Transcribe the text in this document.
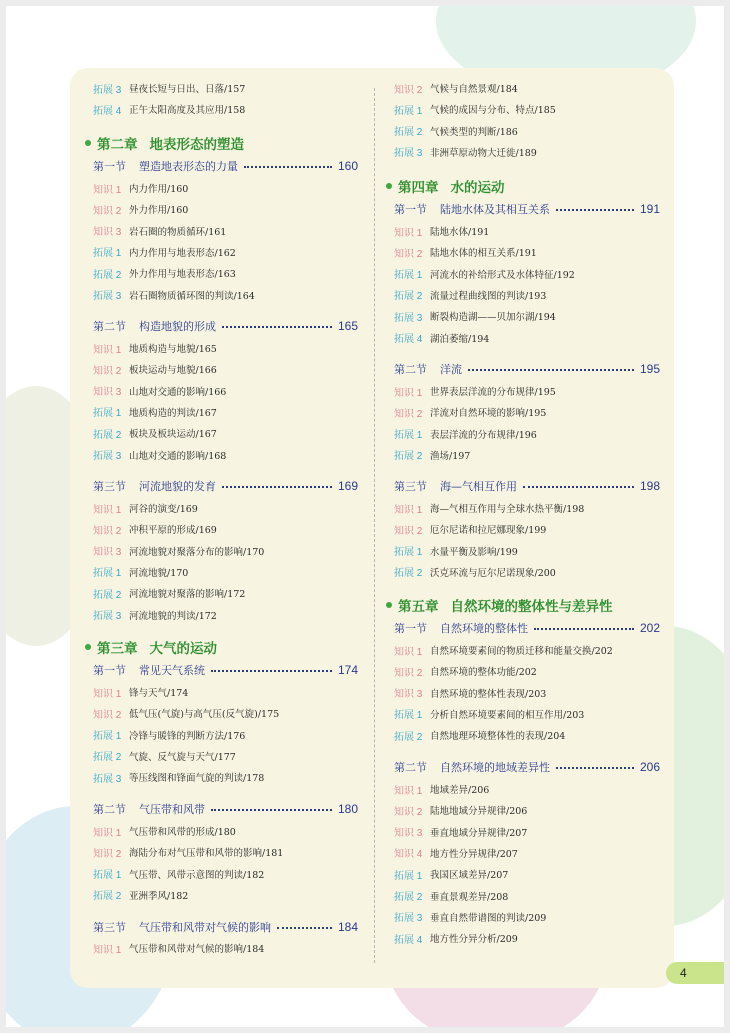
拓展 3 昼夜长短与日出、日落/157
拓展 4 正午太阳高度及其应用/158
第二章 地表形态的塑造
第一节	塑造地表形态的力量	160
知识 1 内力作用/160
知识 2 外力作用/160
知识 3 岩石圈的物质循环/161
拓展 1 内力作用与地表形态/162
拓展 2 外力作用与地表形态/163
拓展 3 岩石圈物质循环图的判读/164
第二节	构造地貌的形成	165
知识 1 地质构造与地貌/165
知识 2 板块运动与地貌/166
知识 3 山地对交通的影响/166
拓展 1 地质构造的判读/167
拓展 2 板块及板块运动/167
拓展 3 山地对交通的影响/168
第三节	河流地貌的发育	169
知识 1 河谷的演变/169
知识 2 冲积平原的形成/169
知识 3 河流地貌对聚落分布的影响/170
拓展 1 河流地貌/170
拓展 2 河流地貌对聚落的影响/172
拓展 3 河流地貌的判读/172
第三章 大气的运动
第一节	常见天气系统	174
知识 1 锋与天气/174
知识 2 低气压(气旋)与高气压(反气旋)/175
拓展 1 冷锋与暖锋的判断方法/176
拓展 2 气旋、反气旋与天气/177
拓展 3 等压线图和锋面气旋的判读/178
第二节	气压带和风带	180
知识 1 气压带和风带的形成/180
知识 2 海陆分布对气压带和风带的影响/181
拓展 1 气压带、风带示意图的判读/182
拓展 2 亚洲季风/182
第三节	气压带和风带对气候的影响	184
知识 1 气压带和风带对气候的影响/184
知识 2 气候与自然景观/184
拓展 1 气候的成因与分布、特点/185
拓展 2 气候类型的判断/186
拓展 3 非洲草原动物大迁徙/189
第四章 水的运动
第一节	陆地水体及其相互关系	191
知识 1 陆地水体/191
知识 2 陆地水体的相互关系/191
拓展 1 河流水的补给形式及水体特征/192
拓展 2 流量过程曲线图的判读/193
拓展 3 断裂构造湖——贝加尔湖/194
拓展 4 湖泊萎缩/194
第二节	洋流	195
知识 1 世界表层洋流的分布规律/195
知识 2 洋流对自然环境的影响/195
拓展 1 表层洋流的分布规律/196
拓展 2 渔场/197
第三节	海—气相互作用	198
知识 1 海—气相互作用与全球水热平衡/198
知识 2 厄尔尼诺和拉尼娜现象/199
拓展 1 水量平衡及影响/199
拓展 2 沃克环流与厄尔尼诺现象/200
第五章 自然环境的整体性与差异性
第一节	自然环境的整体性	202
知识 1 自然环境要素间的物质迁移和能量交换/202
知识 2 自然环境的整体功能/202
知识 3 自然环境的整体性表现/203
拓展 1 分析自然环境要素间的相互作用/203
拓展 2 自然地理环境整体性的表现/204
第二节	自然环境的地域差异性	206
知识 1 地域差异/206
知识 2 陆地地域分异规律/206
知识 3 垂直地域分异规律/207
知识 4 地方性分异规律/207
拓展 1 我国区域差异/207
拓展 2 垂直景观差异/208
拓展 3 垂直自然带谱图的判读/209
拓展 4 地方性分异分析/209
4
